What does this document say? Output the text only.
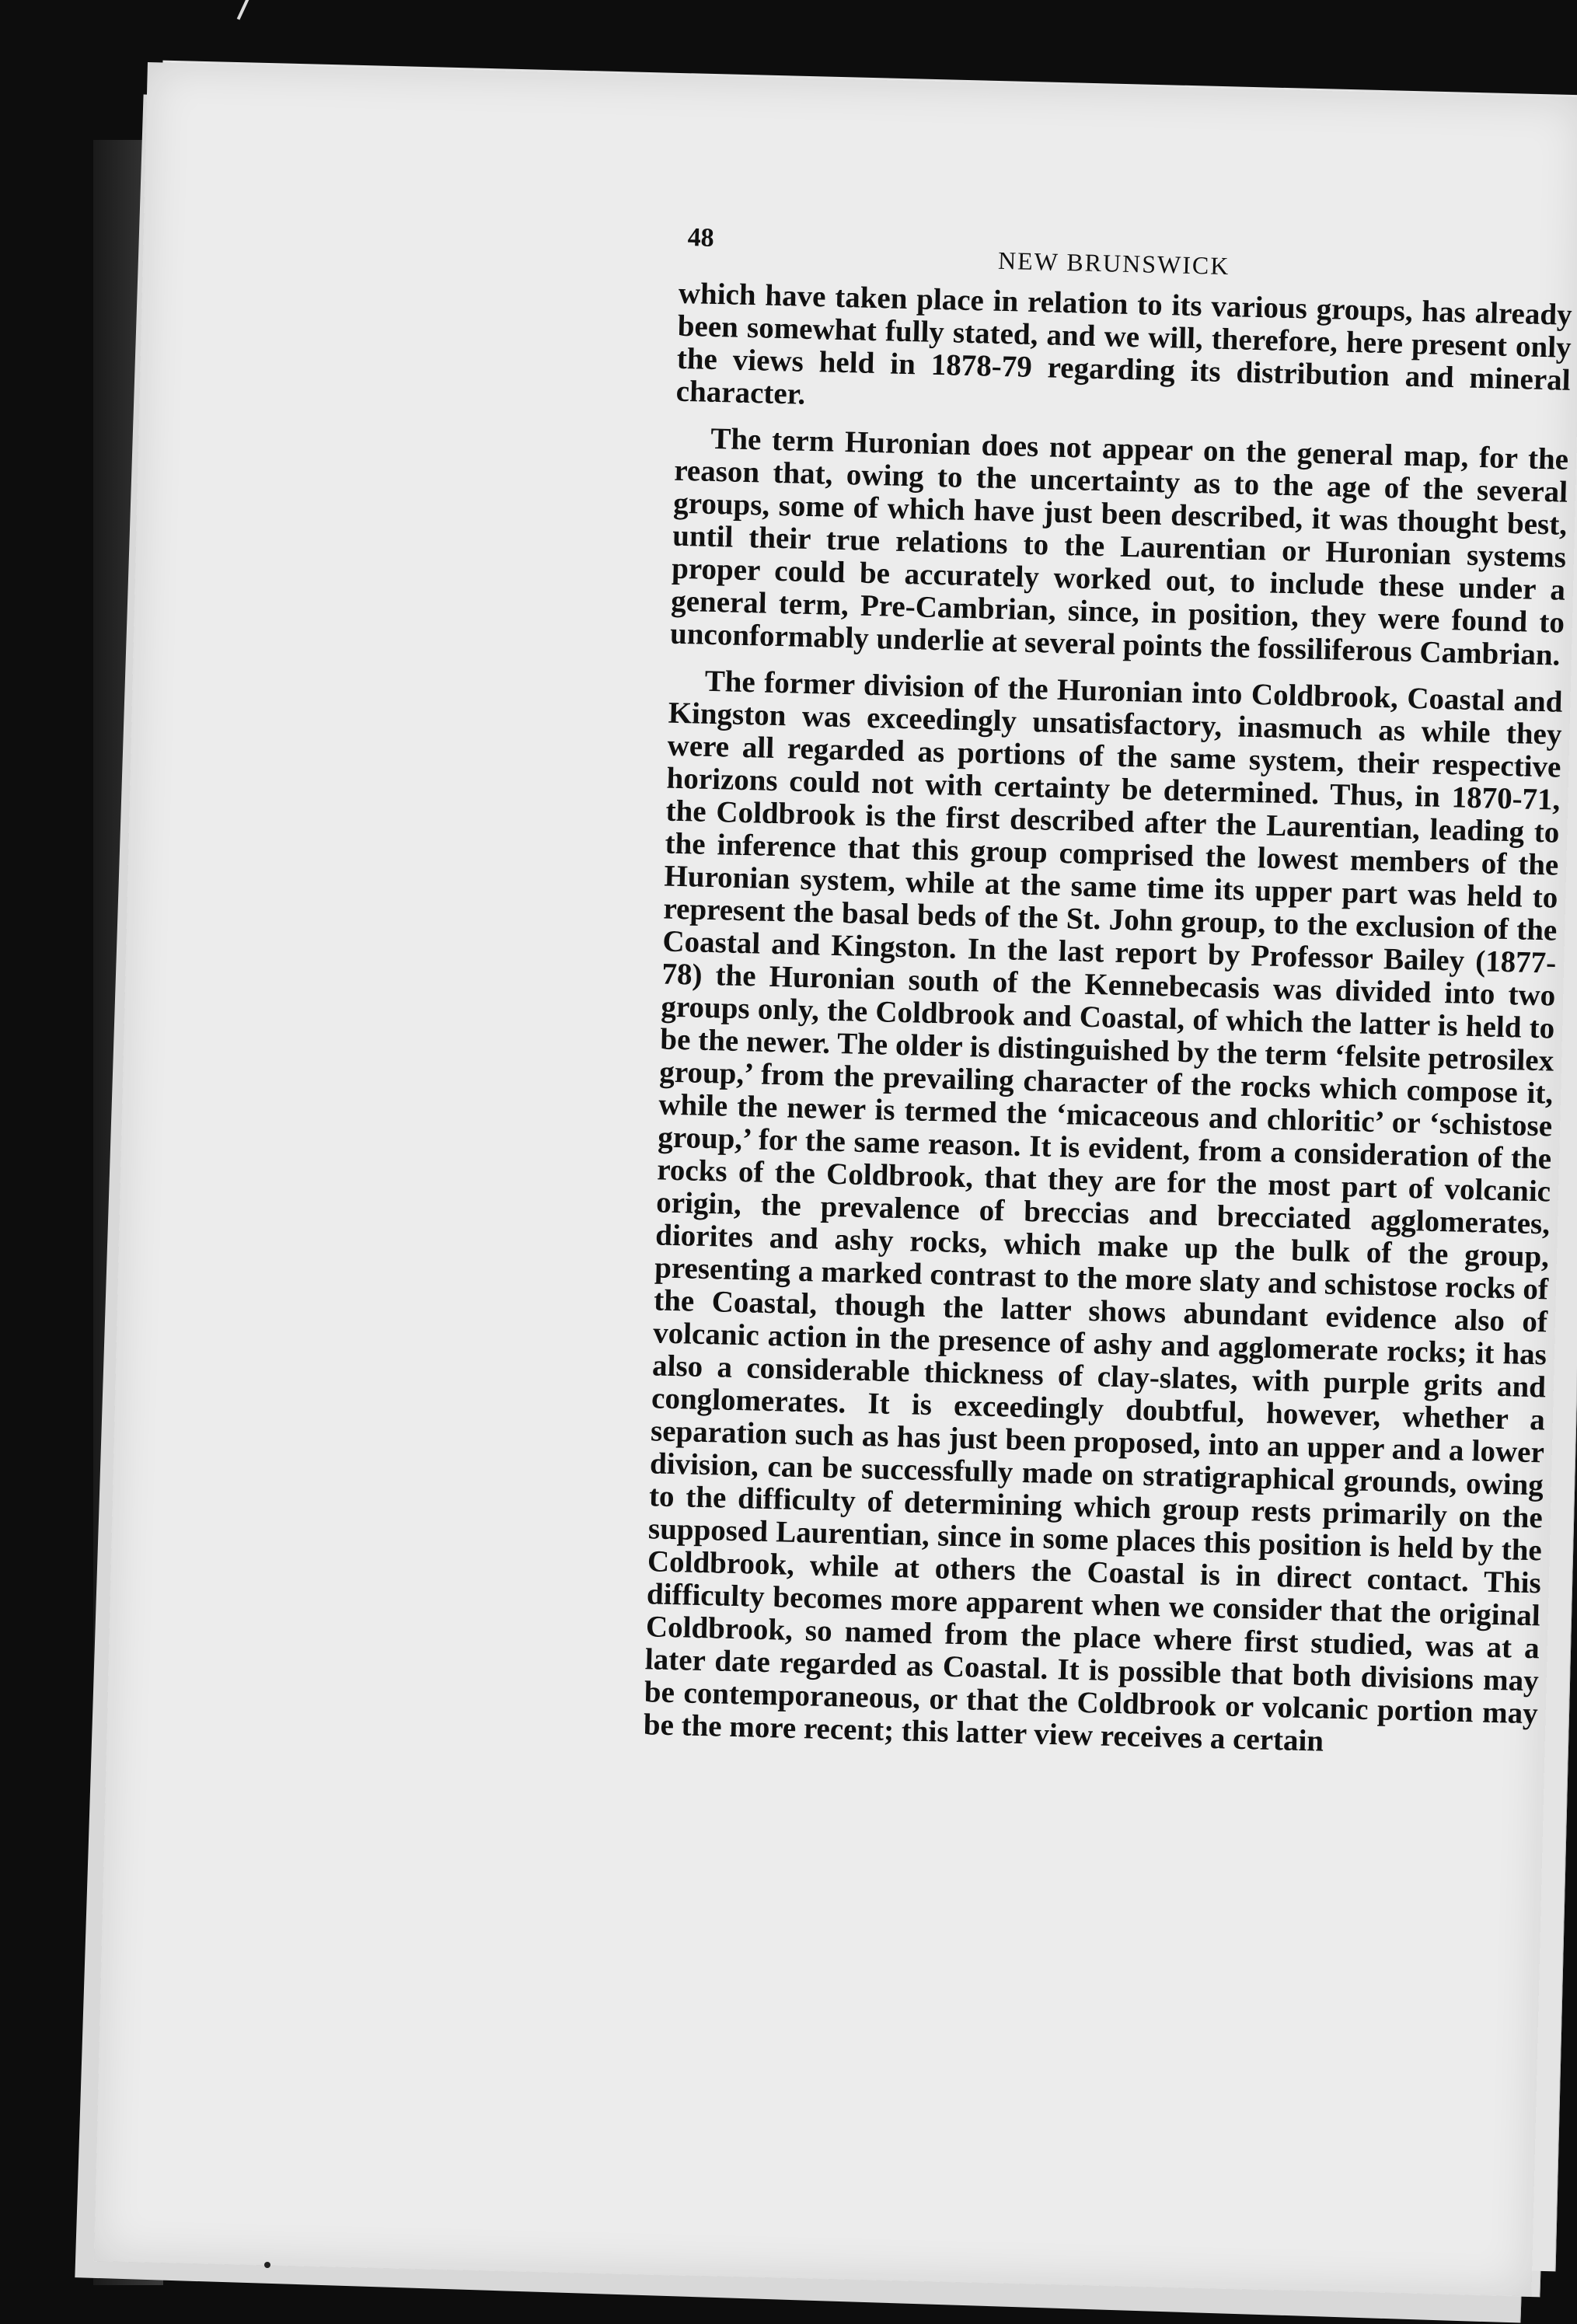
48
NEW BRUNSWICK

which have taken place in relation to its various groups, has already been somewhat fully stated, and we will, therefore, here present only the views held in 1878-79 regarding its distribution and mineral character.

The term Huronian does not appear on the general map, for the reason that, owing to the uncertainty as to the age of the several groups, some of which have just been described, it was thought best, until their true relations to the Laurentian or Huronian systems proper could be accurately worked out, to include these under a general term, Pre-Cambrian, since, in position, they were found to unconformably underlie at several points the fossiliferous Cambrian.

The former division of the Huronian into Coldbrook, Coastal and Kingston was exceedingly unsatisfactory, inasmuch as while they were all regarded as portions of the same system, their respective horizons could not with certainty be determined. Thus, in 1870-71, the Coldbrook is the first described after the Laurentian, leading to the inference that this group comprised the lowest members of the Huronian system, while at the same time its upper part was held to represent the basal beds of the St. John group, to the exclusion of the Coastal and Kingston. In the last report by Professor Bailey (1877-78) the Huronian south of the Kennebecasis was divided into two groups only, the Coldbrook and Coastal, of which the latter is held to be the newer. The older is distinguished by the term ‘felsite petrosilex group,’ from the prevailing character of the rocks which compose it, while the newer is termed the ‘micaceous and chloritic’ or ‘schistose group,’ for the same reason. It is evident, from a consideration of the rocks of the Coldbrook, that they are for the most part of volcanic origin, the prevalence of breccias and brecciated agglomerates, diorites and ashy rocks, which make up the bulk of the group, presenting a marked contrast to the more slaty and schistose rocks of the Coastal, though the latter shows abundant evidence also of volcanic action in the presence of ashy and agglomerate rocks; it has also a considerable thickness of clay-slates, with purple grits and conglomerates. It is exceedingly doubtful, however, whether a separation such as has just been proposed, into an upper and a lower division, can be successfully made on stratigraphical grounds, owing to the difficulty of determining which group rests primarily on the supposed Laurentian, since in some places this position is held by the Coldbrook, while at others the Coastal is in direct contact. This difficulty becomes more apparent when we consider that the original Coldbrook, so named from the place where first studied, was at a later date regarded as Coastal. It is possible that both divisions may be contemporaneous, or that the Coldbrook or volcanic portion may be the more recent; this latter view receives a certain
